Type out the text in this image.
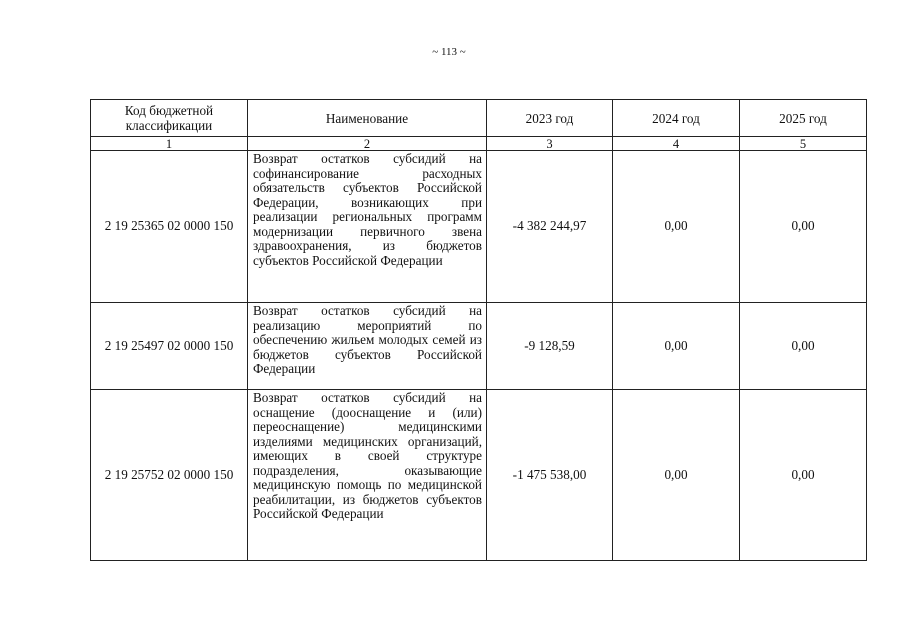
~ 113 ~
Код бюджетной классификации	Наименование	2023 год	2024 год	2025 год
1	2	3	4	5
2 19 25365 02 0000 150	Возврат остатков субсидий на софинансирование расходных обязательств субъектов Российской Федерации, возникающих при реализации региональных программ модернизации первичного звена здравоохранения, из бюджетов субъектов Российской Федерации	-4 382 244,97	0,00	0,00
2 19 25497 02 0000 150	Возврат остатков субсидий на реализацию мероприятий по обеспечению жильем молодых семей из бюджетов субъектов Российской Федерации	-9 128,59	0,00	0,00
2 19 25752 02 0000 150	Возврат остатков субсидий на оснащение (дооснащение и (или) переоснащение) медицинскими изделиями медицинских организаций, имеющих в своей структуре подразделения, оказывающие медицинскую помощь по медицинской реабилитации, из бюджетов субъектов Российской Федерации	-1 475 538,00	0,00	0,00
